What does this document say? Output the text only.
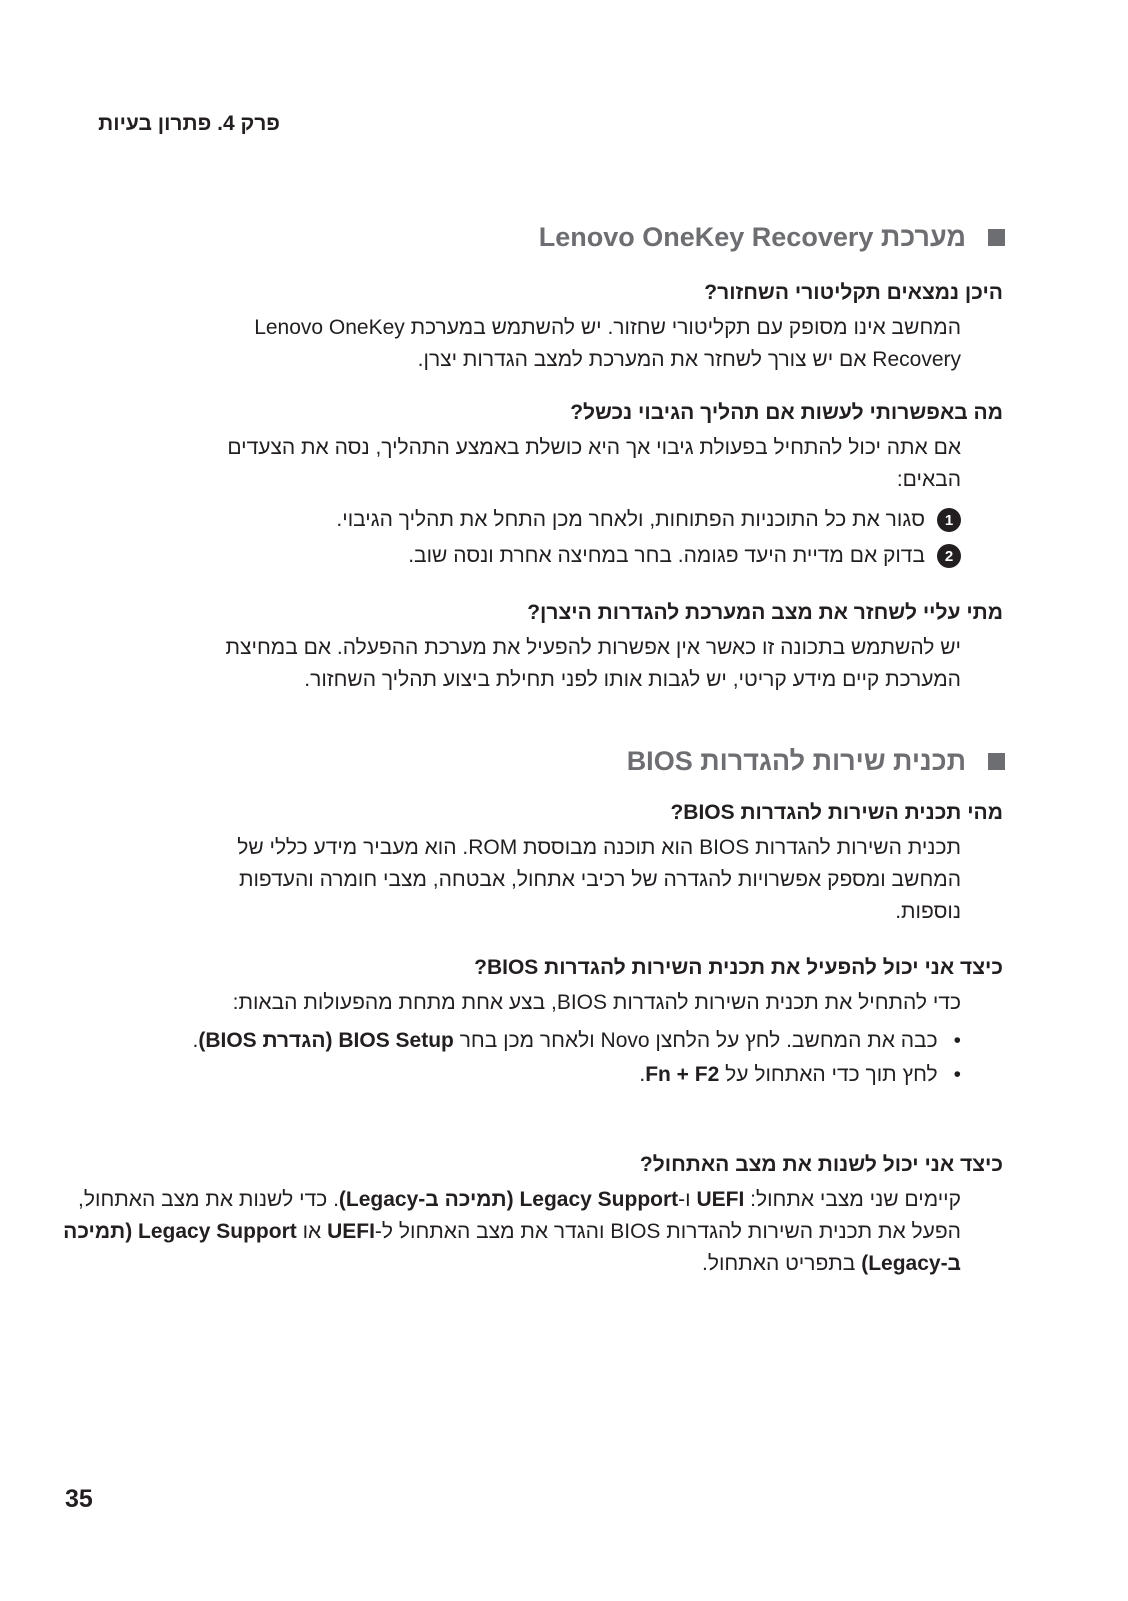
פרק 4. פתרון בעיות
מערכת Lenovo OneKey Recovery

היכן נמצאים תקליטורי השחזור?

המחשב אינו מסופק עם תקליטורי שחזור. יש להשתמש במערכת Lenovo OneKey

Recovery אם יש צורך לשחזר את המערכת למצב הגדרות יצרן.

מה באפשרותי לעשות אם תהליך הגיבוי נכשל?

אם אתה יכול להתחיל בפעולת גיבוי אך היא כושלת באמצע התהליך, נסה את הצעדים

הבאים:

1
סגור את כל התוכניות הפתוחות, ולאחר מכן התחל את תהליך הגיבוי.
2
בדוק אם מדיית היעד פגומה. בחר במחיצה אחרת ונסה שוב.

מתי עליי לשחזר את מצב המערכת להגדרות היצרן?

יש להשתמש בתכונה זו כאשר אין אפשרות להפעיל את מערכת ההפעלה. אם במחיצת

המערכת קיים מידע קריטי, יש לגבות אותו לפני תחילת ביצוע תהליך השחזור.

תכנית שירות להגדרות BIOS

מהי תכנית השירות להגדרות BIOS?

תכנית השירות להגדרות BIOS הוא תוכנה מבוססת ROM. הוא מעביר מידע כללי של

המחשב ומספק אפשרויות להגדרה של רכיבי אתחול, אבטחה, מצבי חומרה והעדפות

נוספות.

כיצד אני יכול להפעיל את תכנית השירות להגדרות BIOS?

כדי להתחיל את תכנית השירות להגדרות BIOS, בצע אחת מתחת מהפעולות הבאות:

•
כבה את המחשב. לחץ על הלחצן Novo ולאחר מכן בחר BIOS Setup (הגדרת BIOS).
•
לחץ תוך כדי האתחול על Fn + F2.

כיצד אני יכול לשנות את מצב האתחול?

קיימים שני מצבי אתחול: UEFI ו-Legacy Support (תמיכה ב-Legacy). כדי לשנות את מצב האתחול, הפעל את תכנית השירות להגדרות BIOS והגדר את מצב האתחול ל-UEFI או Legacy Support (תמיכה ב-Legacy) בתפריט האתחול.

35
